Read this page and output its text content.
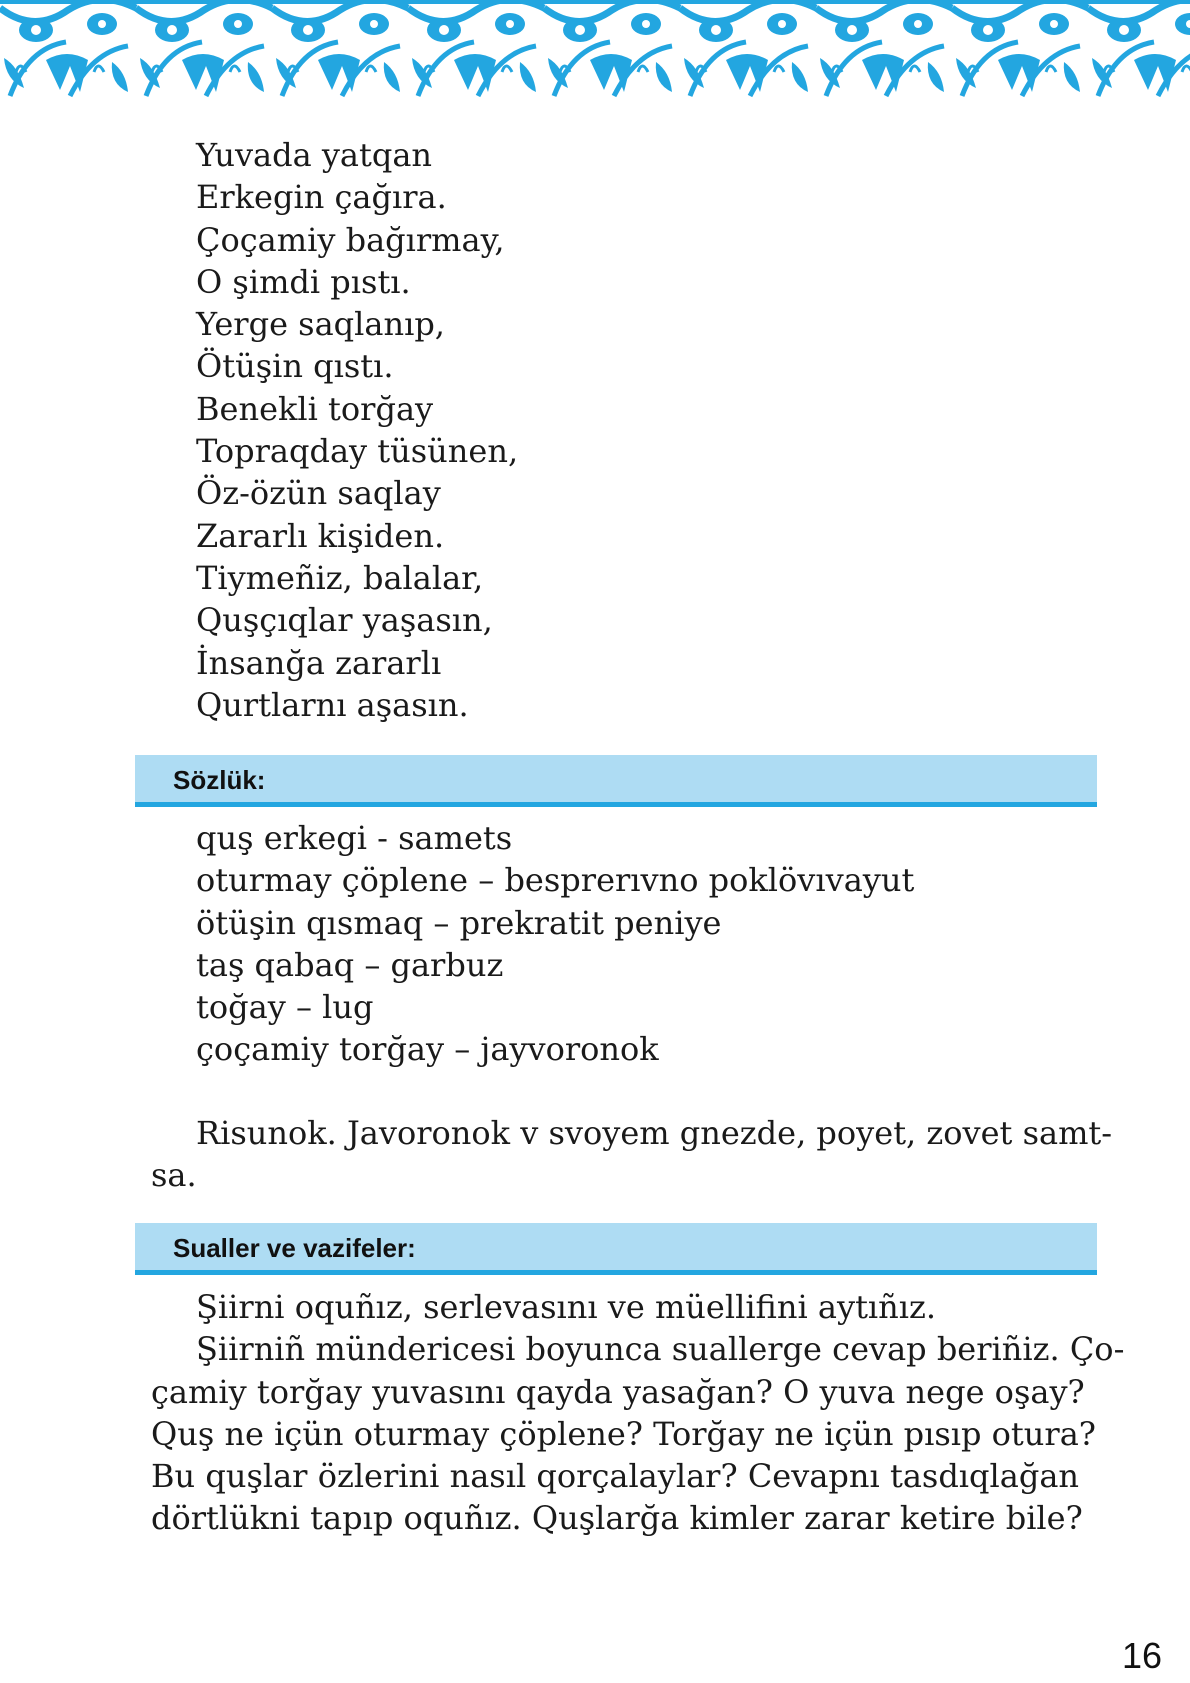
Yuvada yatqan
Erkegin çağıra.
Çoçamiy bağırmay,
O şimdi pıstı.
Yerge saqlanıp,
Ötüşin qıstı.
Benekli torğay
Topraqday tüsünen,
Öz-özün saqlay
Zararlı kişiden.
Tiymeñiz, balalar,
Quşçıqlar yaşasın,
İnsanğa zararlı
Qurtlarnı aşasın.
Sözlük:
quş erkegi - samets
oturmay çöplene – besprerıvno poklövıvayut
ötüşin qısmaq – prekratit peniye
taş qabaq – garbuz
toğay – lug
çoçamiy torğay – jayvoronok
Risunok. Javoronok v svoyem gnezde, poyet, zovet samt-
sa.
Sualler ve vazifeler:
Şiirni oquñız, serlevasını ve müellifini aytıñız.
Şiirniñ mündericesi boyunca suallerge cevap beriñiz. Ço-
çamiy torğay yuvasını qayda yasağan? O yuva nege oşay?
Quş ne içün oturmay çöplene? Torğay ne içün pısıp otura?
Bu quşlar özlerini nasıl qorçalaylar? Cevapnı tasdıqlağan
dörtlükni tapıp oquñız. Quşlarğa kimler zarar ketire bile?
16
